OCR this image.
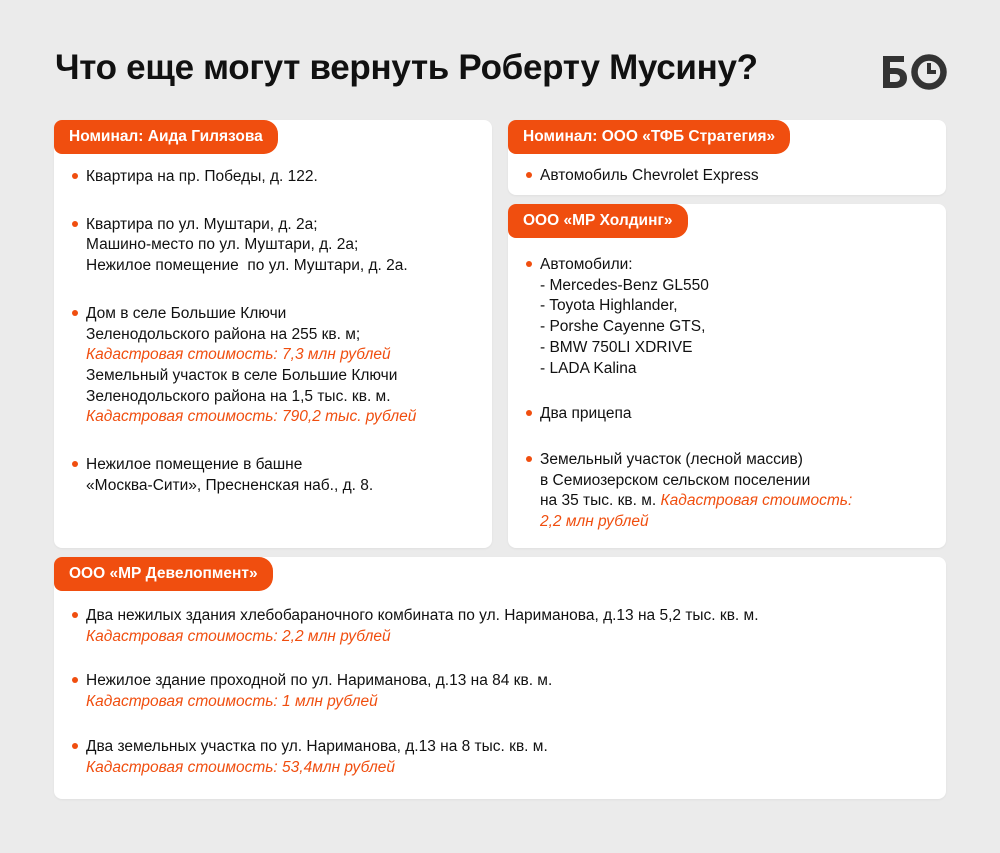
Что еще могут вернуть Роберту Мусину?
Номинал: Аида Гилязова
Квартира на пр. Победы, д. 122.
Квартира по ул. Муштари, д. 2а;
Машино-место по ул. Муштари, д. 2а;
Нежилое помещение  по ул. Муштари, д. 2а.
Дом в селе Большие Ключи
Зеленодольского района на 255 кв. м;
Кадастровая стоимость: 7,3 млн рублей
Земельный участок в селе Большие Ключи
Зеленодольского района на 1,5 тыс. кв. м.
Кадастровая стоимость: 790,2 тыс. рублей
Нежилое помещение в башне
«Москва-Сити», Пресненская наб., д. 8.
Номинал: ООО «ТФБ Стратегия»
Автомобиль Chevrolet Express
ООО «МР Холдинг»
Автомобили:
- Mercedes-Benz GL550
- Toyota Highlander,
- Porshe Cayenne GTS,
- BMW 750LI XDRIVE
- LADA Kalina
Два прицепа
Земельный участок (лесной массив)
в Семиозерском сельском поселении
на 35 тыс. кв. м. Кадастровая стоимость:
2,2 млн рублей
ООО «МР Девелопмент»
Два нежилых здания хлебобараночного комбината по ул. Нариманова, д.13 на 5,2 тыс. кв. м.
Кадастровая стоимость: 2,2 млн рублей
Нежилое здание проходной по ул. Нариманова, д.13 на 84 кв. м.
Кадастровая стоимость: 1 млн рублей
Два земельных участка по ул. Нариманова, д.13 на 8 тыс. кв. м.
Кадастровая стоимость: 53,4млн рублей
